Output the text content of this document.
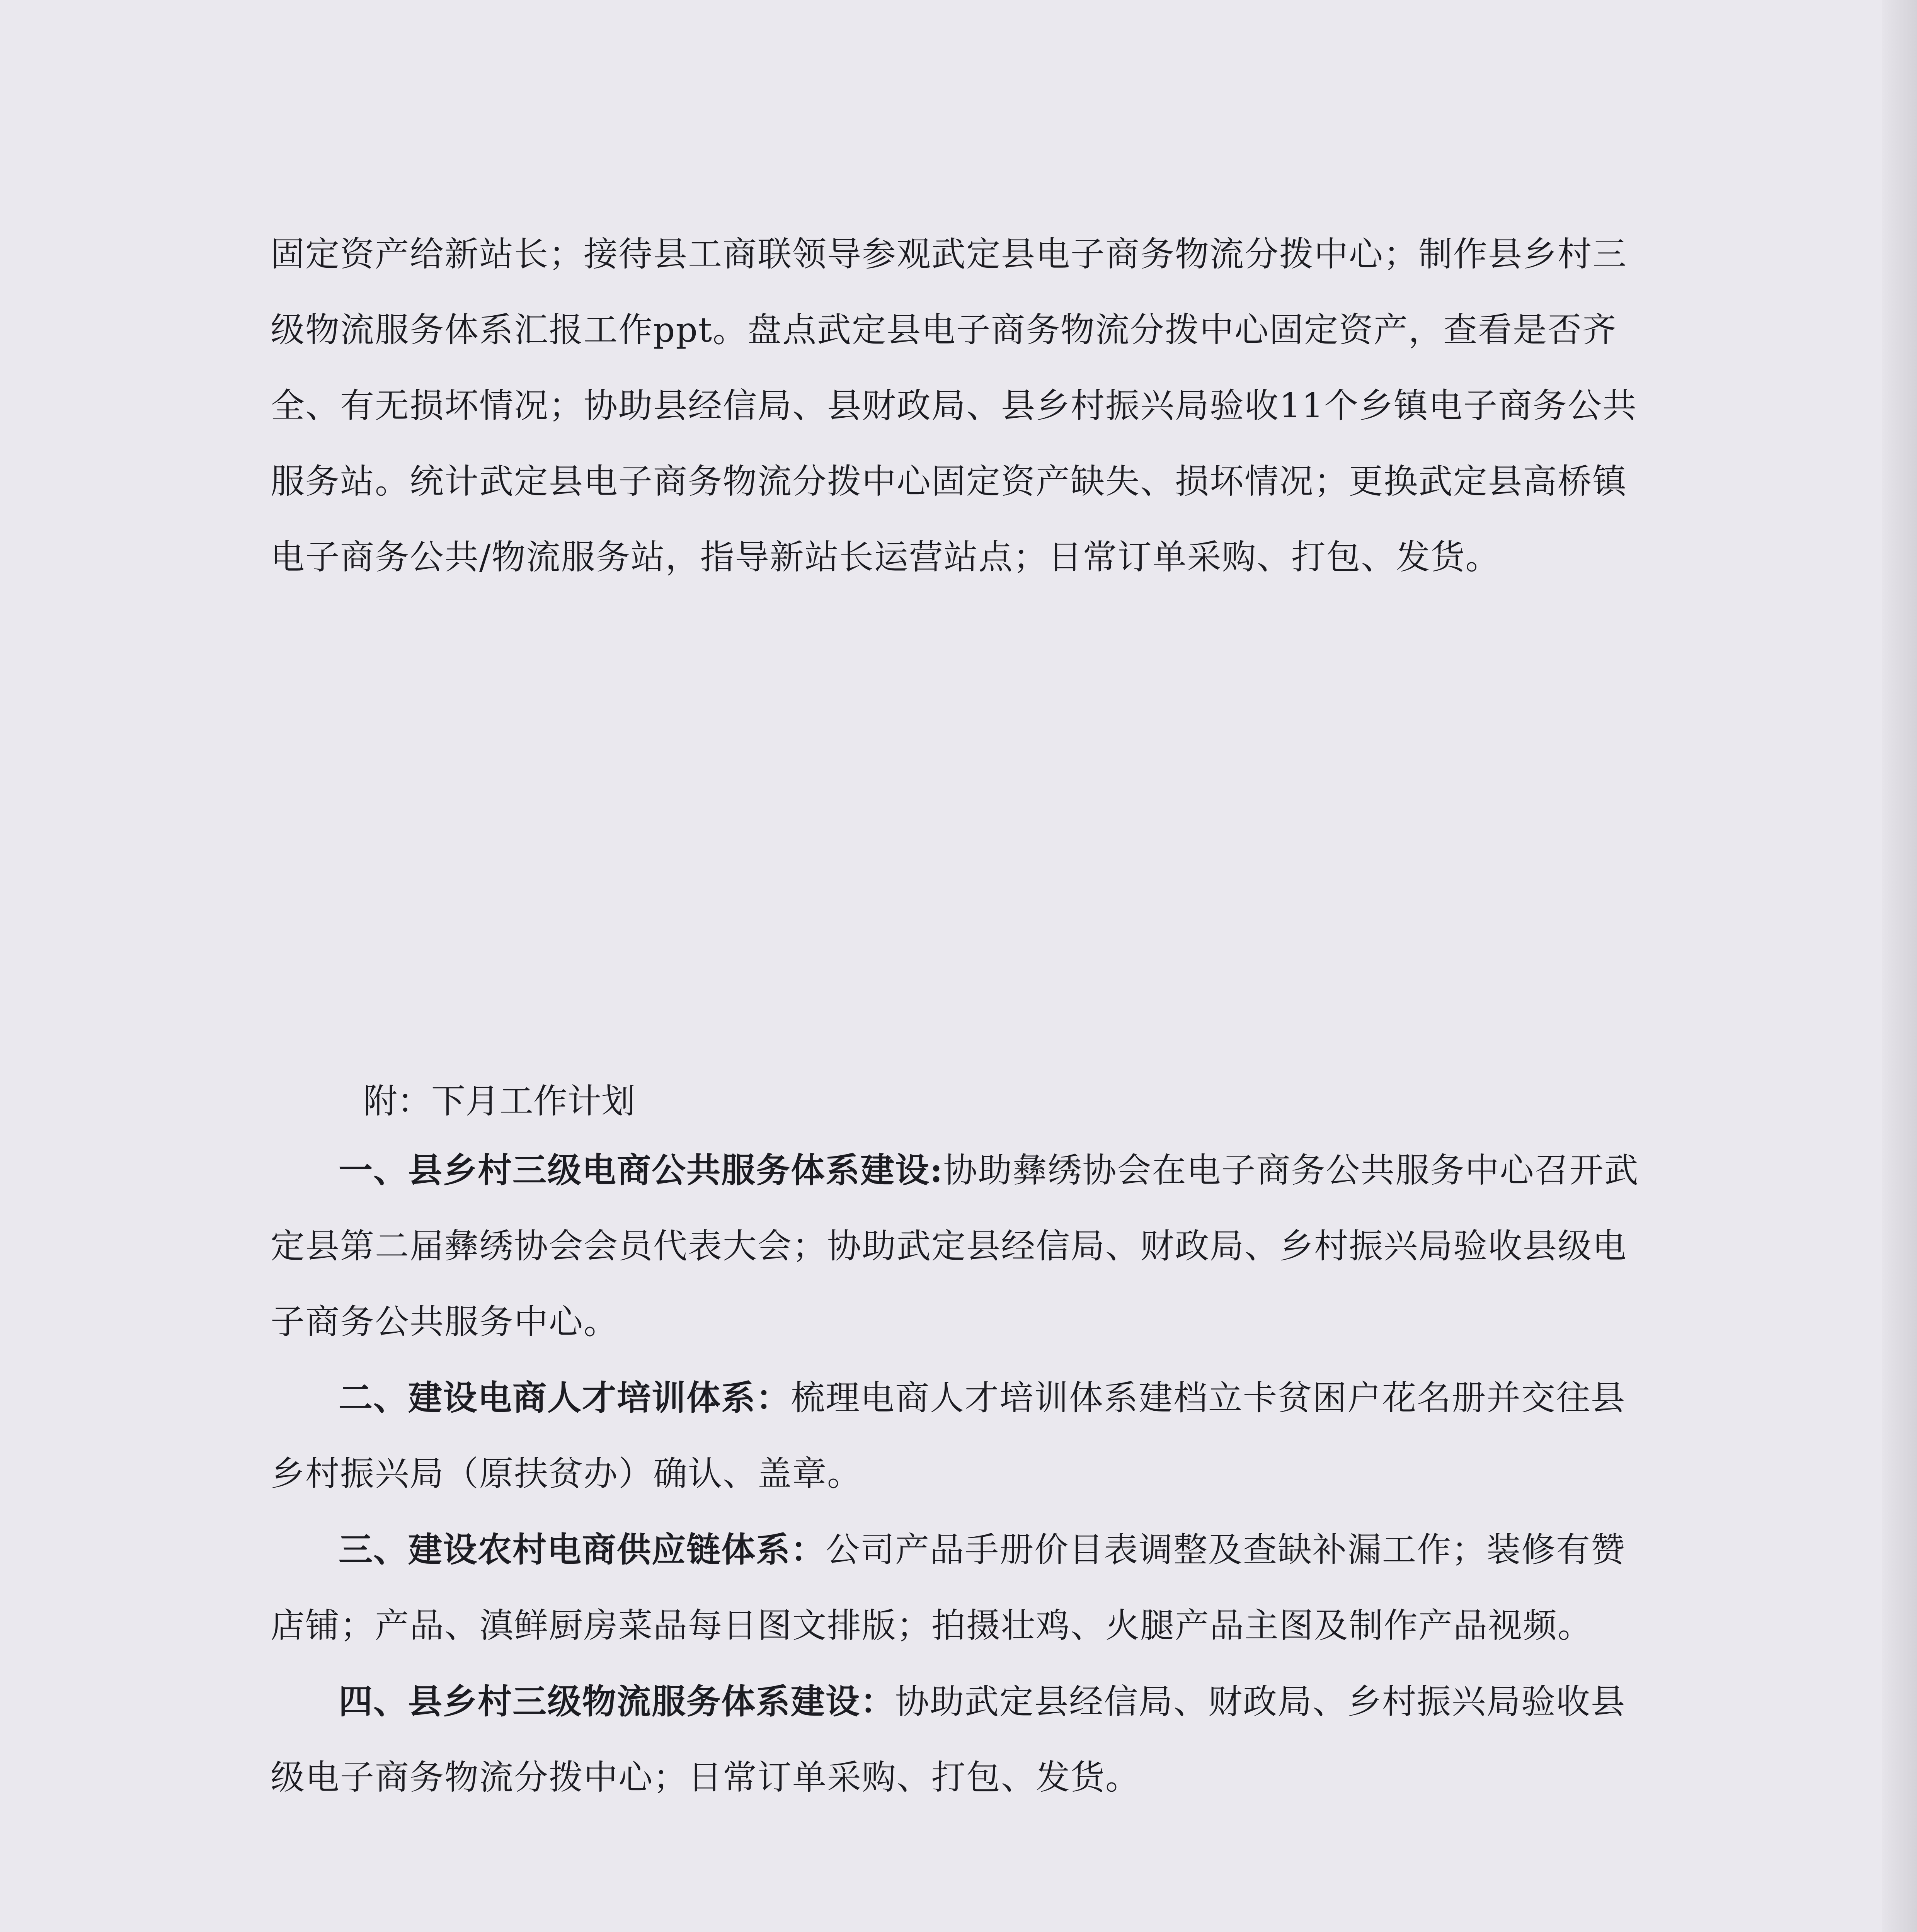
固定资产给新站长；接待县工商联领导参观武定县电子商务物流分拨中心；制作县乡村三级物流服务体系汇报工作ppt。盘点武定县电子商务物流分拨中心固定资产，查看是否齐全、有无损坏情况；协助县经信局、县财政局、县乡村振兴局验收11个乡镇电子商务公共服务站。统计武定县电子商务物流分拨中心固定资产缺失、损坏情况；更换武定县高桥镇电子商务公共/物流服务站，指导新站长运营站点；日常订单采购、打包、发货。

附：下月工作计划

一、县乡村三级电商公共服务体系建设:协助彝绣协会在电子商务公共服务中心召开武定县第二届彝绣协会会员代表大会；协助武定县经信局、财政局、乡村振兴局验收县级电子商务公共服务中心。

二、建设电商人才培训体系：梳理电商人才培训体系建档立卡贫困户花名册并交往县乡村振兴局（原扶贫办）确认、盖章。

三、建设农村电商供应链体系：公司产品手册价目表调整及查缺补漏工作；装修有赞店铺；产品、滇鲜厨房菜品每日图文排版；拍摄壮鸡、火腿产品主图及制作产品视频。

四、县乡村三级物流服务体系建设：协助武定县经信局、财政局、乡村振兴局验收县级电子商务物流分拨中心；日常订单采购、打包、发货。
